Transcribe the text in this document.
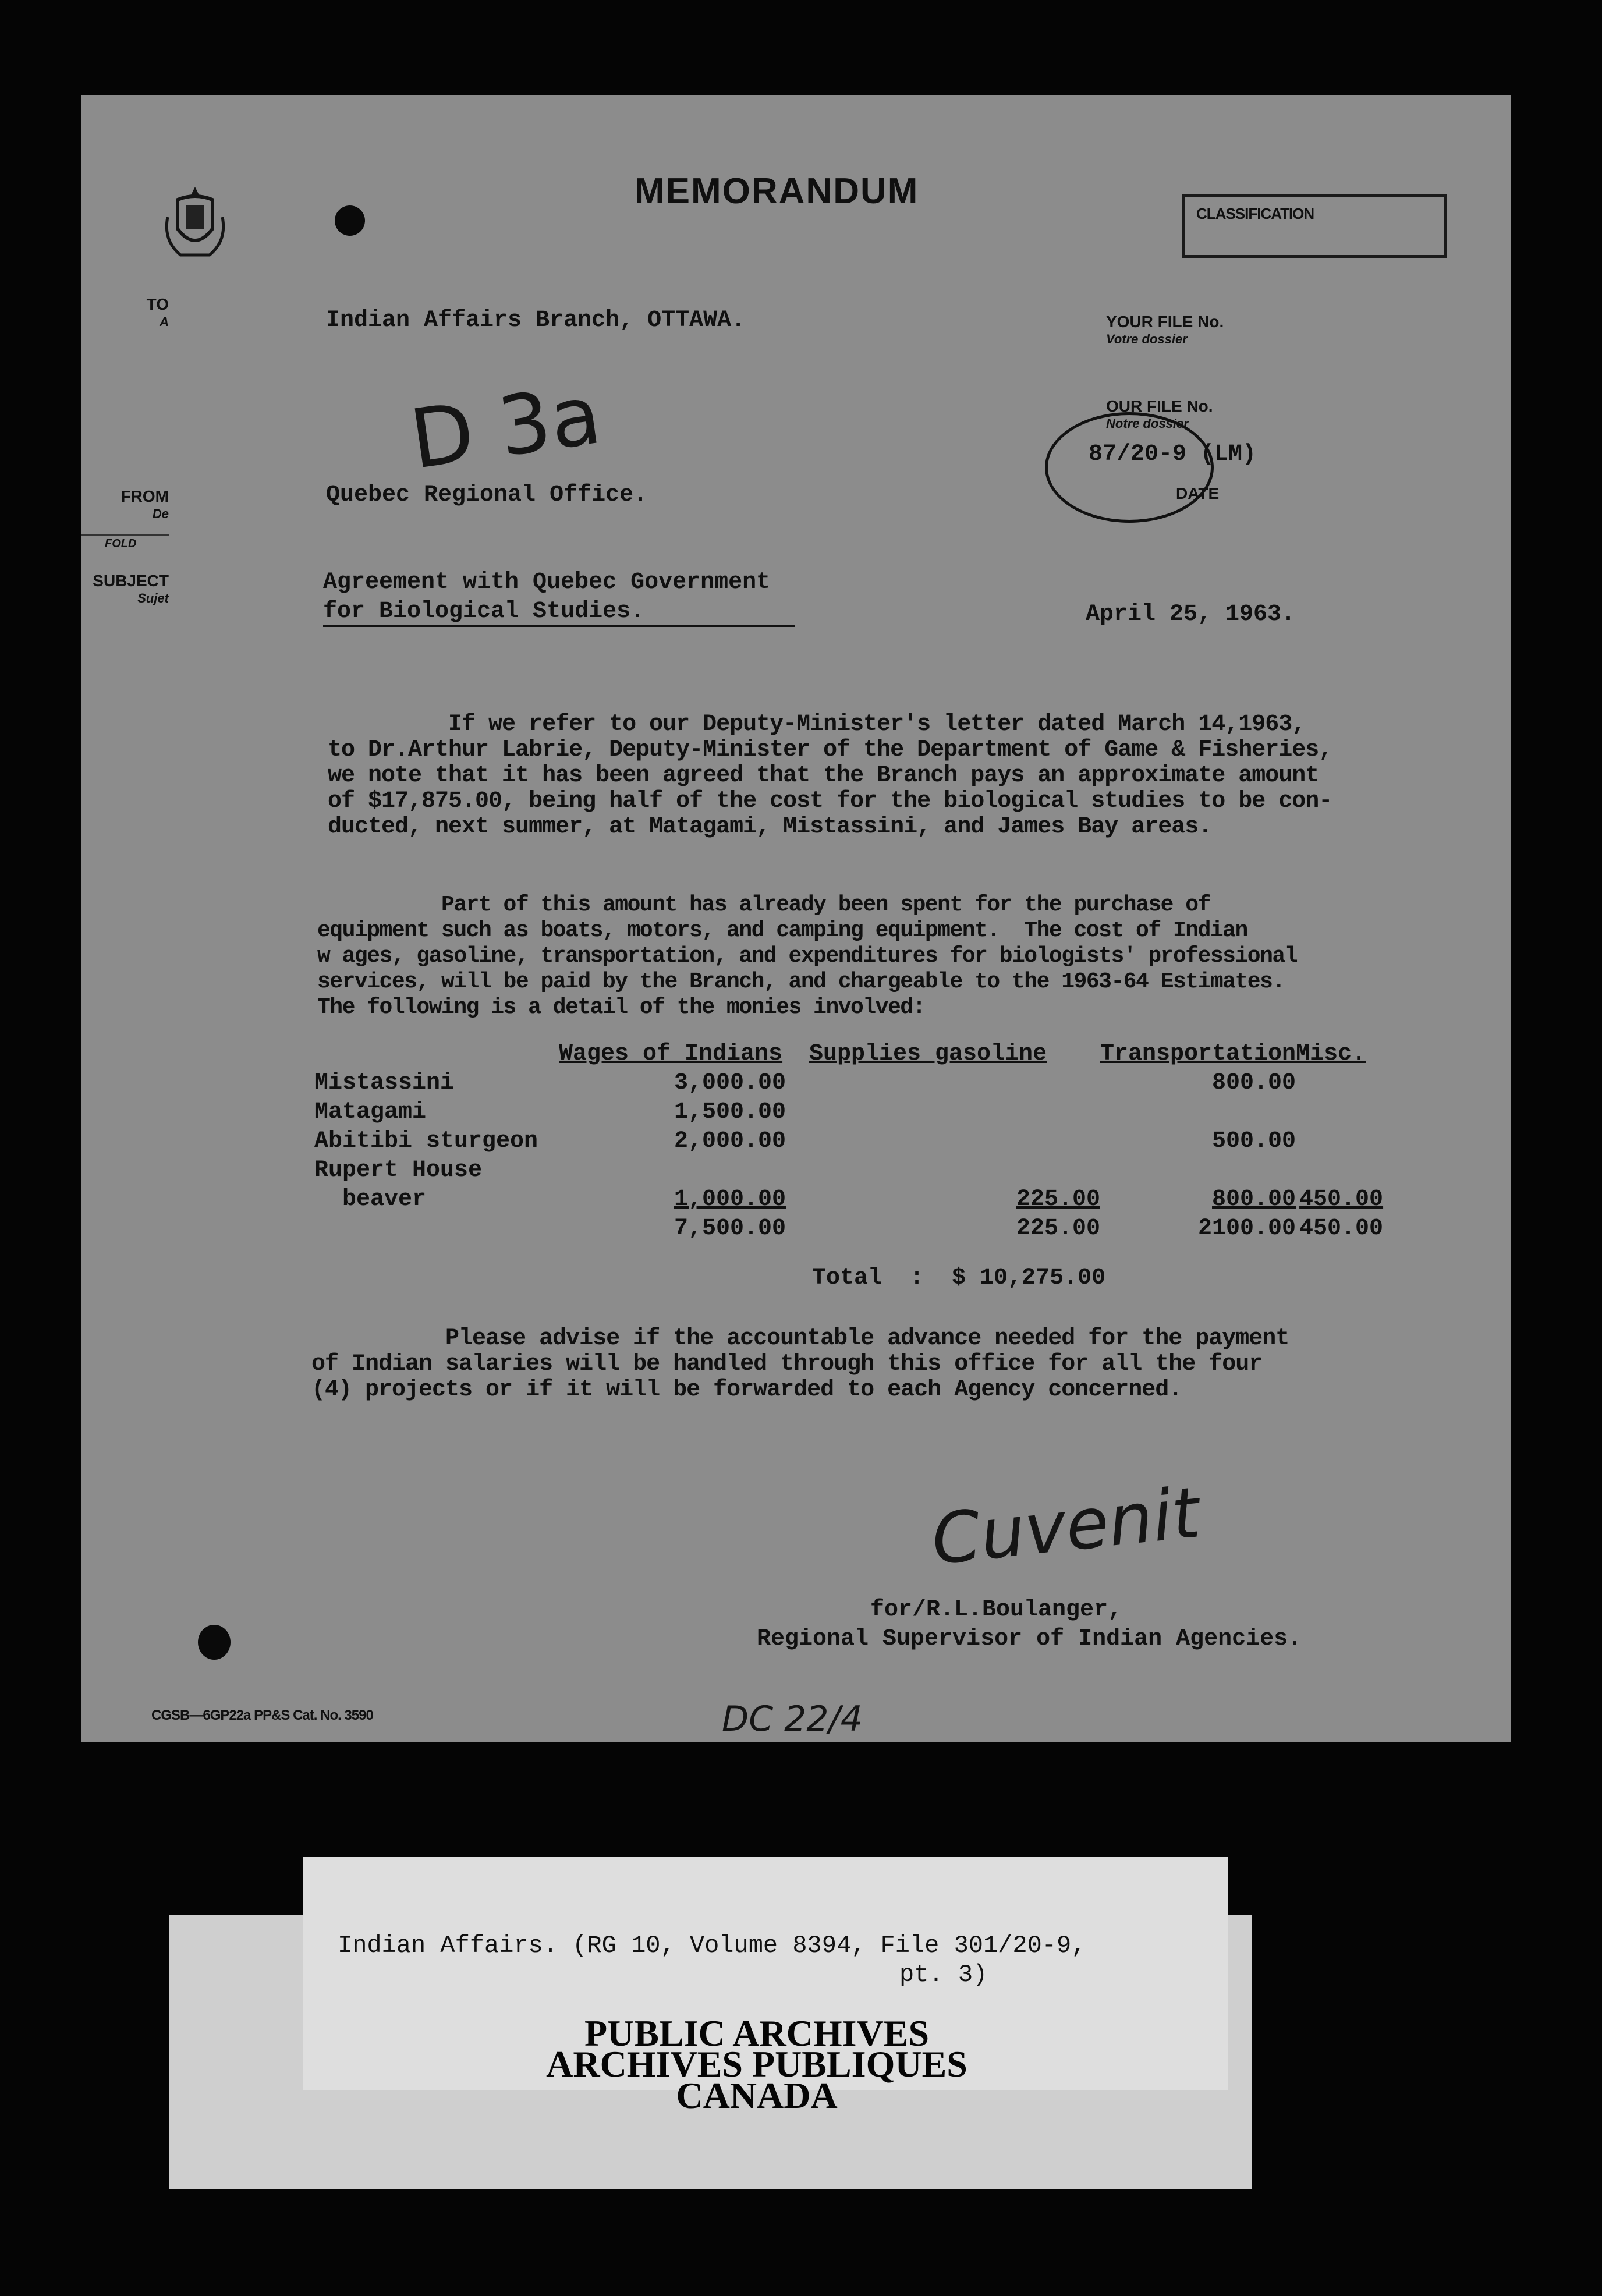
MEMORANDUM
CLASSIFICATION
TO
A	Indian Affairs Branch, OTTAWA.	YOUR FILE No.
Votre dossier
D 3a	OUR FILE No.
Notre dossier
87/20-9 (LM)
DATE
FROM
De
Quebec Regional Office.
FOLD
SUBJECT
Sujet
Agreement with Quebec Government
for Biological Studies.	April 25, 1963.
If we refer to our Deputy-Minister's letter dated March 14,1963,
to Dr.Arthur Labrie, Deputy-Minister of the Department of Game & Fisheries,
we note that it has been agreed that the Branch pays an approximate amount
of $17,875.00, being half of the cost for the biological studies to be con-
ducted, next summer, at Matagami, Mistassini, and James Bay areas.
Part of this amount has already been spent for the purchase of
equipment such as boats, motors, and camping equipment.  The cost of Indian
w ages, gasoline, transportation, and expenditures for biologists' professional
services, will be paid by the Branch, and chargeable to the 1963-64 Estimates.
The following is a detail of the monies involved:
	Wages of Indians	Supplies gasoline	Transportation	Misc.
Mistassini	3,000.00		800.00	
Matagami	1,500.00			
Abitibi sturgeon	2,000.00		500.00	
Rupert House				
beaver	1,000.00	225.00	800.00	450.00
	7,500.00	225.00	2100.00	450.00
Total  :  $ 10,275.00
Please advise if the accountable advance needed for the payment
of Indian salaries will be handled through this office for all the four
(4) projects or if it will be forwarded to each Agency concerned.
Cuvenit
for/R.L.Boulanger,
Regional Supervisor of Indian Agencies.
CGSB—6GP22a PP&S Cat. No. 3590	DC 22/4
Indian Affairs. (RG 10, Volume 8394, File 301/20-9,
pt. 3)
PUBLIC ARCHIVES
ARCHIVES PUBLIQUES
CANADA
